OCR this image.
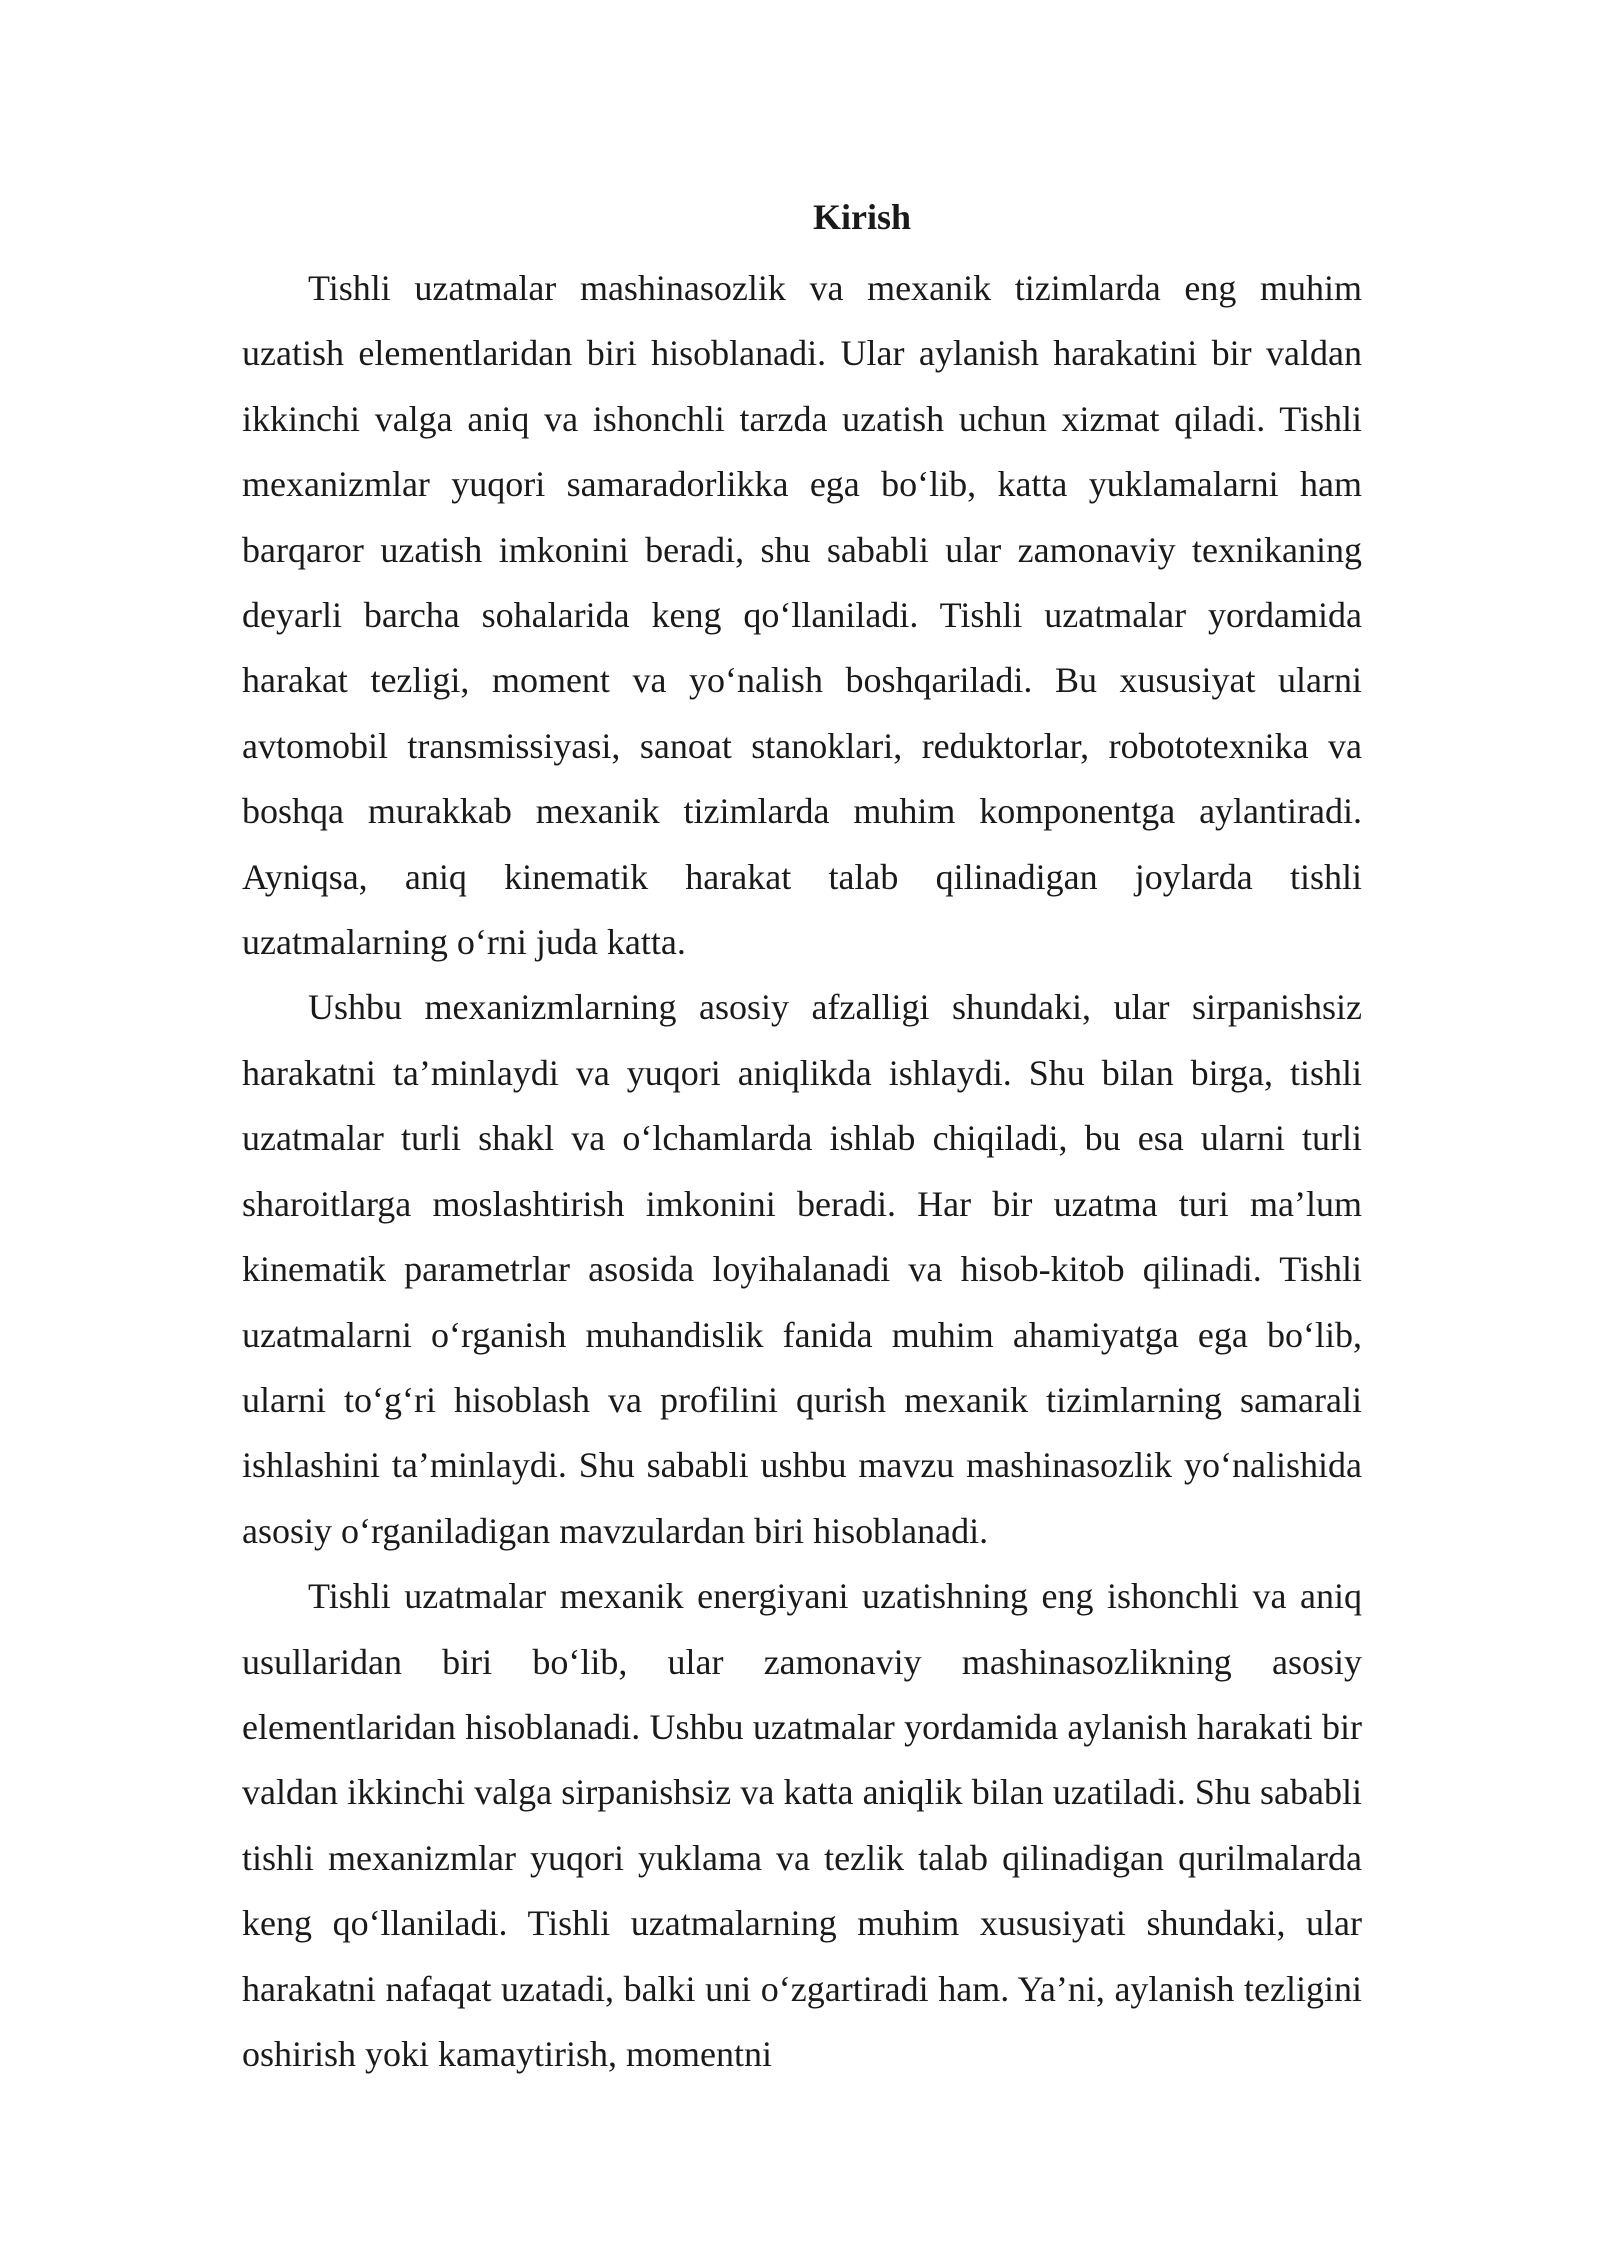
Kirish

Tishli uzatmalar mashinasozlik va mexanik tizimlarda eng muhim uzatish elementlaridan biri hisoblanadi. Ular aylanish harakatini bir valdan ikkinchi valga aniq va ishonchli tarzda uzatish uchun xizmat qiladi. Tishli mexanizmlar yuqori samaradorlikka ega bo‘lib, katta yuklamalarni ham barqaror uzatish imkonini beradi, shu sababli ular zamonaviy texnikaning deyarli barcha sohalarida keng qo‘llaniladi. Tishli uzatmalar yordamida harakat tezligi, moment va yo‘nalish boshqariladi. Bu xususiyat ularni avtomobil transmissiyasi, sanoat stanoklari, reduktorlar, robototexnika va boshqa murakkab mexanik tizimlarda muhim komponentga aylantiradi. Ayniqsa, aniq kinematik harakat talab qilinadigan joylarda tishli uzatmalarning o‘rni juda katta.

Ushbu mexanizmlarning asosiy afzalligi shundaki, ular sirpanishsiz harakatni ta’minlaydi va yuqori aniqlikda ishlaydi. Shu bilan birga, tishli uzatmalar turli shakl va o‘lchamlarda ishlab chiqiladi, bu esa ularni turli sharoitlarga moslashtirish imkonini beradi. Har bir uzatma turi ma’lum kinematik parametrlar asosida loyihalanadi va hisob-kitob qilinadi. Tishli uzatmalarni o‘rganish muhandislik fanida muhim ahamiyatga ega bo‘lib, ularni to‘g‘ri hisoblash va profilini qurish mexanik tizimlarning samarali ishlashini ta’minlaydi. Shu sababli ushbu mavzu mashinasozlik yo‘nalishida asosiy o‘rganiladigan mavzulardan biri hisoblanadi.

Tishli uzatmalar mexanik energiyani uzatishning eng ishonchli va aniq usullaridan biri bo‘lib, ular zamonaviy mashinasozlikning asosiy elementlaridan hisoblanadi. Ushbu uzatmalar yordamida aylanish harakati bir valdan ikkinchi valga sirpanishsiz va katta aniqlik bilan uzatiladi. Shu sababli tishli mexanizmlar yuqori yuklama va tezlik talab qilinadigan qurilmalarda keng qo‘llaniladi. Tishli uzatmalarning muhim xususiyati shundaki, ular harakatni nafaqat uzatadi, balki uni o‘zgartiradi ham. Ya’ni, aylanish tezligini oshirish yoki kamaytirish, momentni
